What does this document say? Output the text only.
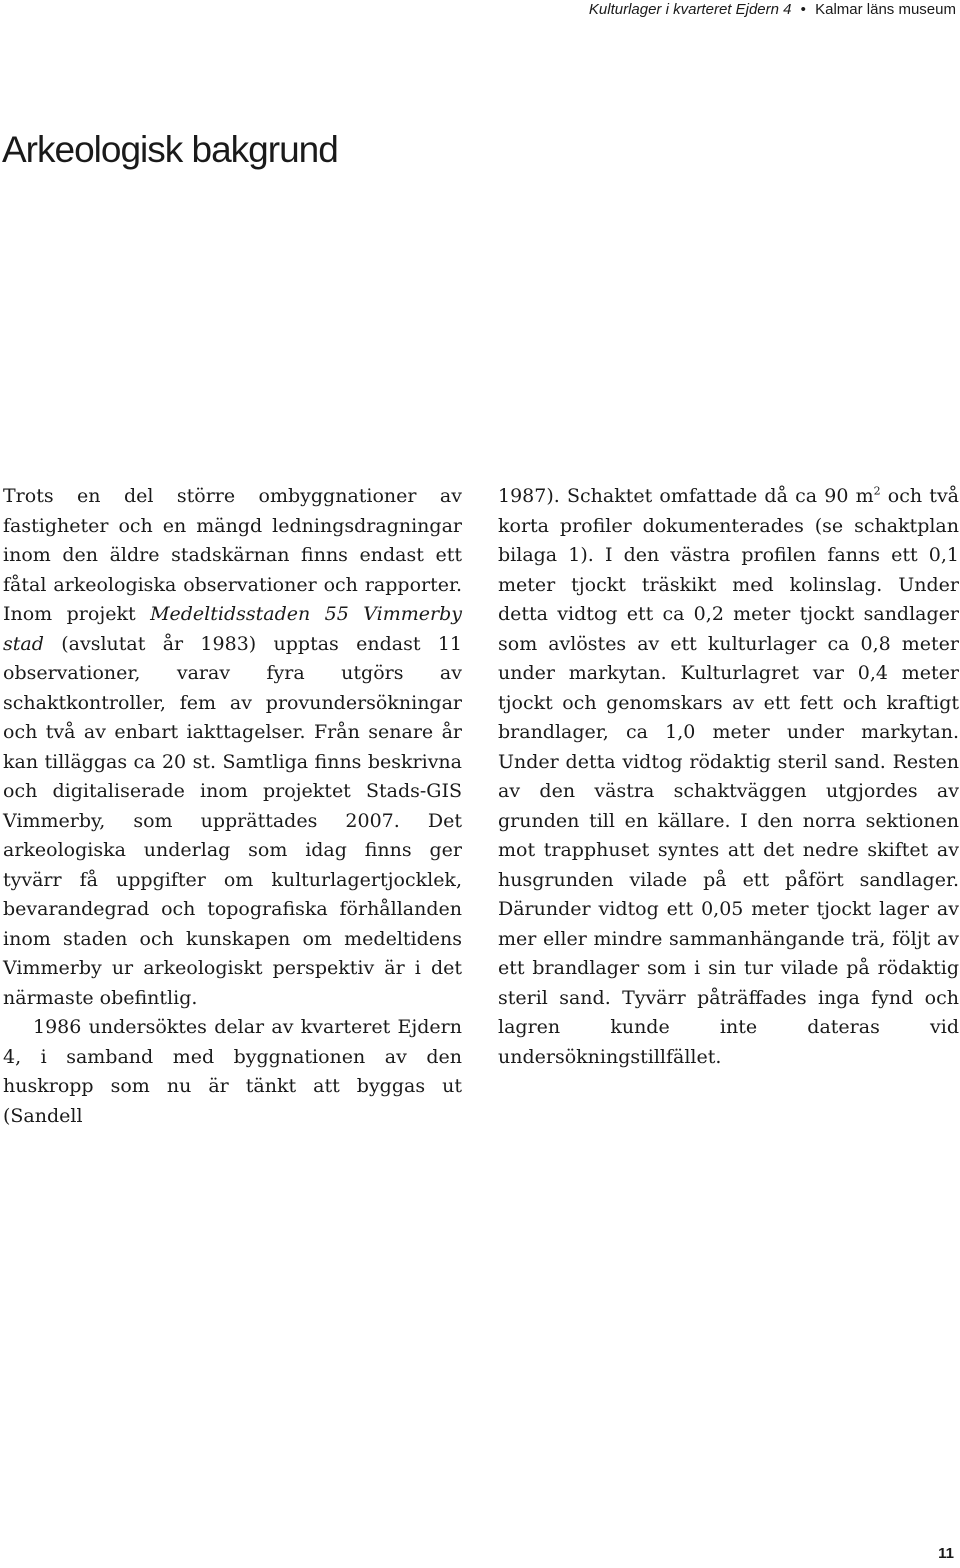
Kulturlager i kvarteret Ejdern 4 • Kalmar läns museum
Arkeologisk bakgrund

Trots en del större ombyggnationer av fastigheter och en mängd ledningsdragningar inom den äldre stadskärnan finns endast ett fåtal arkeologiska observationer och rapporter. Inom projekt Medeltidsstaden 55 Vimmerby stad (avslutat år 1983) upptas endast 11 observationer, varav fyra utgörs av schaktkontroller, fem av provundersökningar och två av enbart iakttagelser. Från senare år kan tilläggas ca 20 st. Samtliga finns beskrivna och digitaliserade inom projektet Stads-GIS Vimmerby, som upprättades 2007. Det arkeologiska underlag som idag finns ger tyvärr få uppgifter om kulturlagertjocklek, bevarandegrad och topografiska förhållanden inom staden och kunskapen om medeltidens Vimmerby ur arkeologiskt perspektiv är i det närmaste obefintlig.

1986 undersöktes delar av kvarteret Ejdern 4, i samband med byggnationen av den huskropp som nu är tänkt att byggas ut (Sandell

1987). Schaktet omfattade då ca 90 $m^2$ och två korta profiler dokumenterades (se schaktplan bilaga 1). I den västra profilen fanns ett 0,1 meter tjockt träskikt med kolinslag. Under detta vidtog ett ca 0,2 meter tjockt sandlager som avlöstes av ett kulturlager ca 0,8 meter under markytan. Kulturlagret var 0,4 meter tjockt och genomskars av ett fett och kraftigt brandlager, ca 1,0 meter under markytan. Under detta vidtog rödaktig steril sand. Resten av den västra schaktväggen utgjordes av grunden till en källare. I den norra sektionen mot trapphuset syntes att det nedre skiftet av husgrunden vilade på ett påfört sandlager. Därunder vidtog ett 0,05 meter tjockt lager av mer eller mindre sammanhängande trä, följt av ett brandlager som i sin tur vilade på rödaktig steril sand. Tyvärr påträffades inga fynd och lagren kunde inte dateras vid undersökningstillfället.

11
